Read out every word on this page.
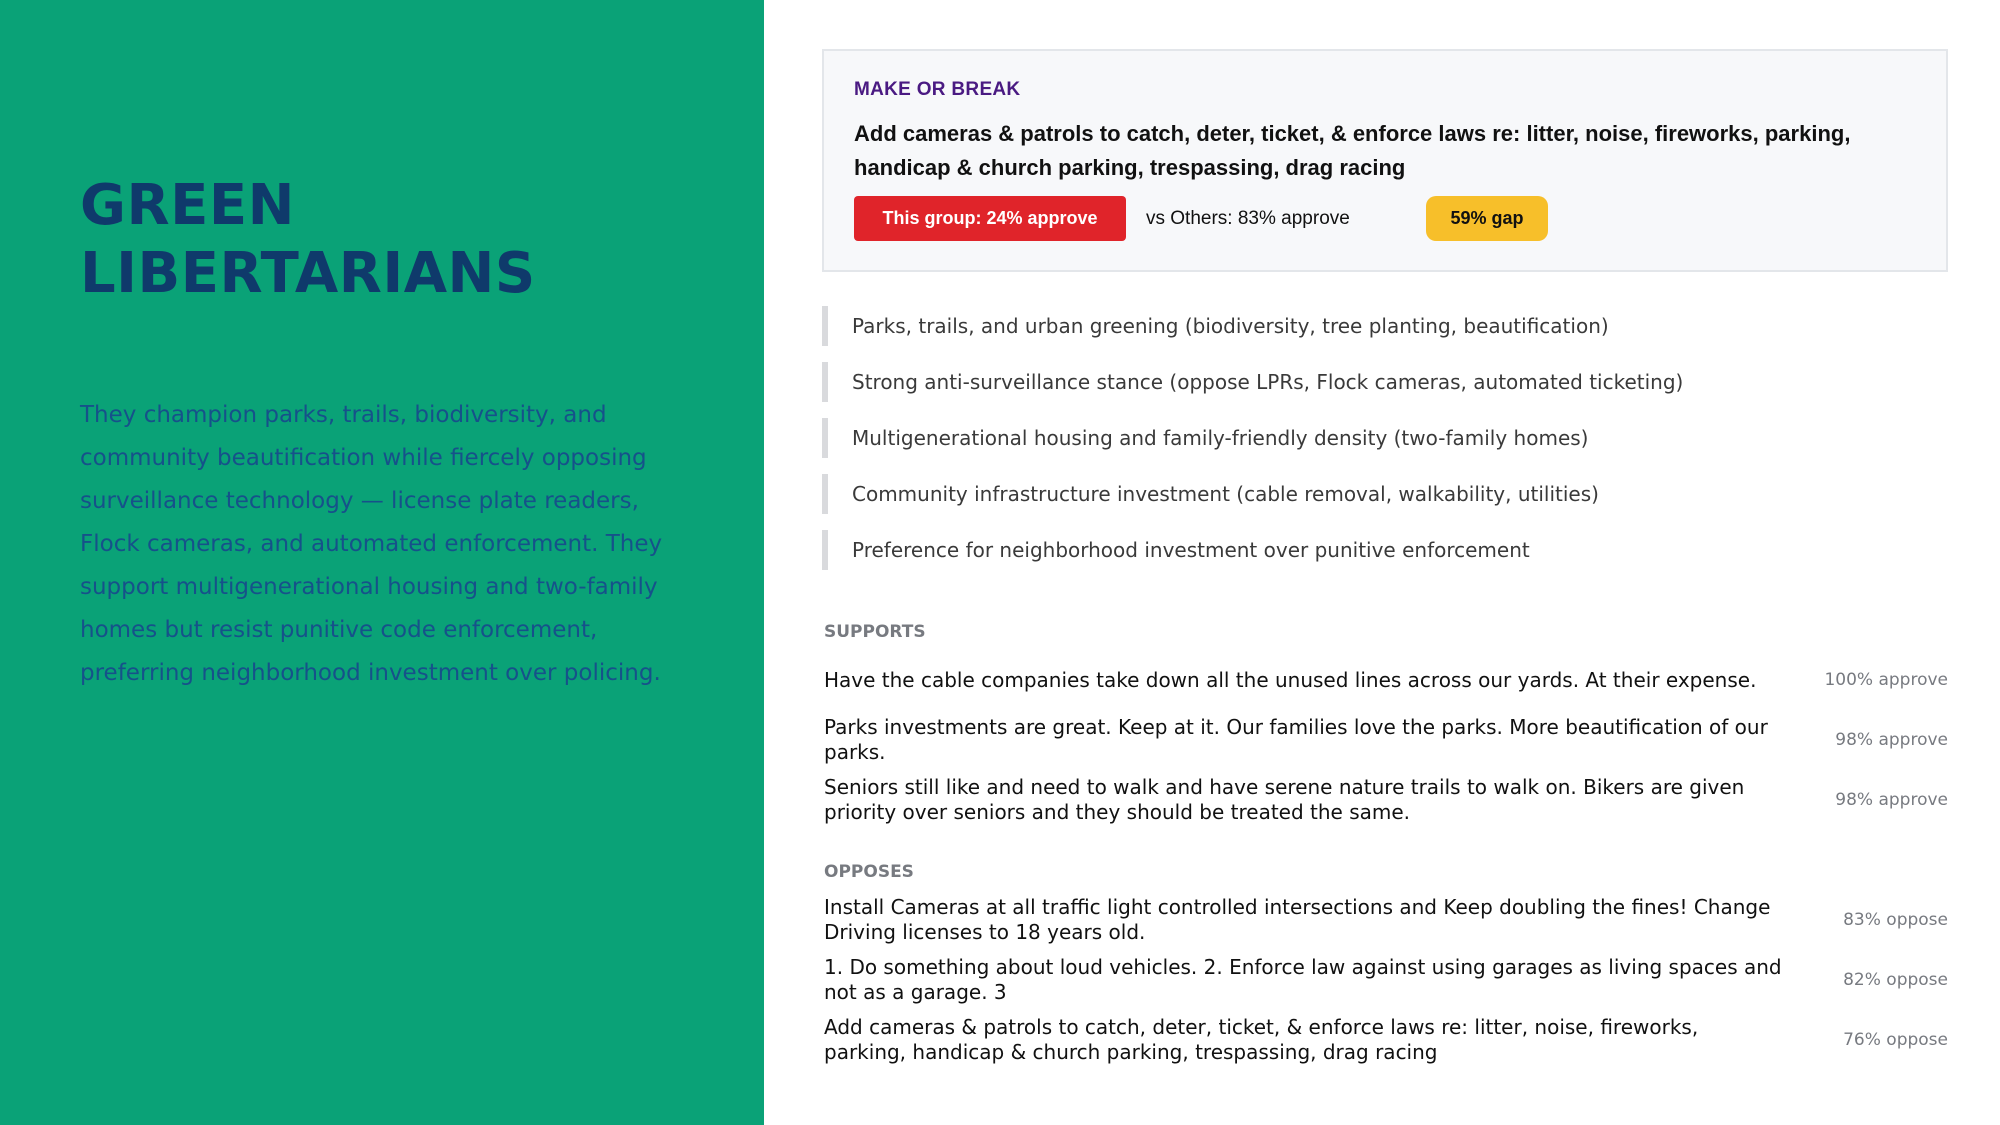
GREEN LIBERTARIANS
They champion parks, trails, biodiversity, and community beautification while fiercely opposing surveillance technology — license plate readers, Flock cameras, and automated enforcement. They support multigenerational housing and two-family homes but resist punitive code enforcement, preferring neighborhood investment over policing.
MAKE OR BREAK
Add cameras & patrols to catch, deter, ticket, & enforce laws re: litter, noise, fireworks, parking, handicap & church parking, trespassing, drag racing
This group: 24% approve	vs Others: 83% approve	59% gap
Parks, trails, and urban greening (biodiversity, tree planting, beautification)
Strong anti-surveillance stance (oppose LPRs, Flock cameras, automated ticketing)
Multigenerational housing and family-friendly density (two-family homes)
Community infrastructure investment (cable removal, walkability, utilities)
Preference for neighborhood investment over punitive enforcement
SUPPORTS
Have the cable companies take down all the unused lines across our yards. At their expense.	100% approve
Parks investments are great. Keep at it. Our families love the parks. More beautification of our parks.	98% approve
Seniors still like and need to walk and have serene nature trails to walk on. Bikers are given priority over seniors and they should be treated the same.	98% approve
OPPOSES
Install Cameras at all traffic light controlled intersections and Keep doubling the fines! Change Driving licenses to 18 years old.	83% oppose
1. Do something about loud vehicles. 2. Enforce law against using garages as living spaces and not as a garage. 3	82% oppose
Add cameras & patrols to catch, deter, ticket, & enforce laws re: litter, noise, fireworks, parking, handicap & church parking, trespassing, drag racing	76% oppose
